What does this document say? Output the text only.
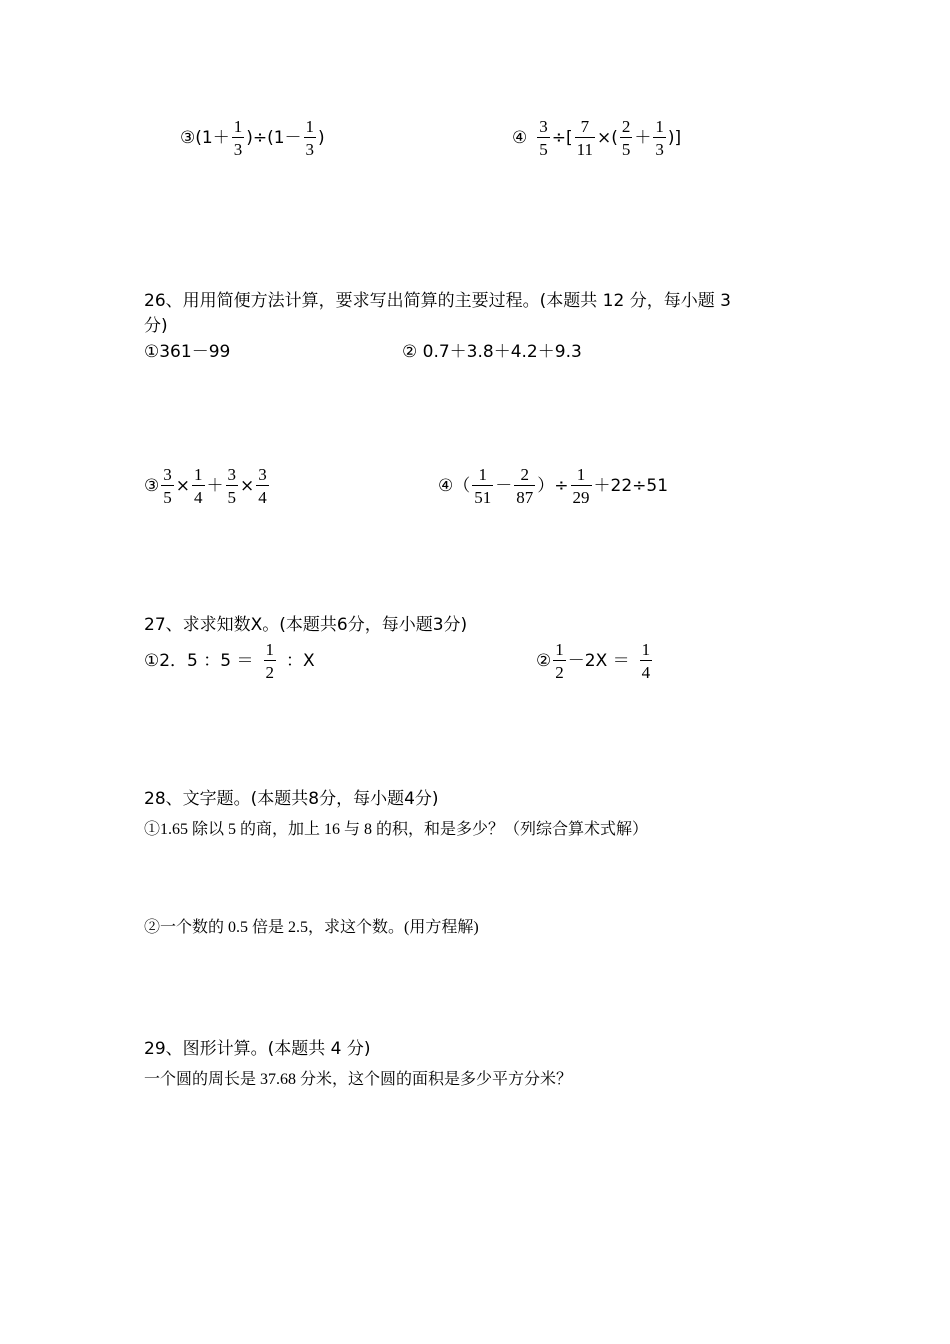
③(1＋ $\frac{1}{3} )\div(1- \frac{1}{3}$ )	④ $\frac{3}{5}$ ÷[ $\frac{7}{11}$ ×( $\frac{2}{5} + \frac{1}{3}$ )]
26、用用简便方法计算，要求写出简算的主要过程。(本题共 12 分，每小题 3
分)
①361－99	② 0.7＋3.8＋4.2＋9.3
③ $\frac{3}{5} \times \frac{1}{4} + \frac{3}{5} \times \frac{3}{4}$	④（ $\frac{1}{51} - \frac{2}{87}$ ）÷ $\frac{1}{29} +22\div 51$
27、求求知数X。(本题共6分，每小题3分)
①2．5 ：$5 = \frac{1}{2}$ ：X	② $\frac{1}{2} -2X = \frac{1}{4}$
28、文字题。(本题共8分，每小题4分)
①1.65 除以 5 的商，加上 16 与 8 的积，和是多少？（列综合算术式解）
②一个数的 0.5 倍是 2.5，求这个数。(用方程解)
29、图形计算。(本题共 4 分)
一个圆的周长是 37.68 分米，这个圆的面积是多少平方分米？
